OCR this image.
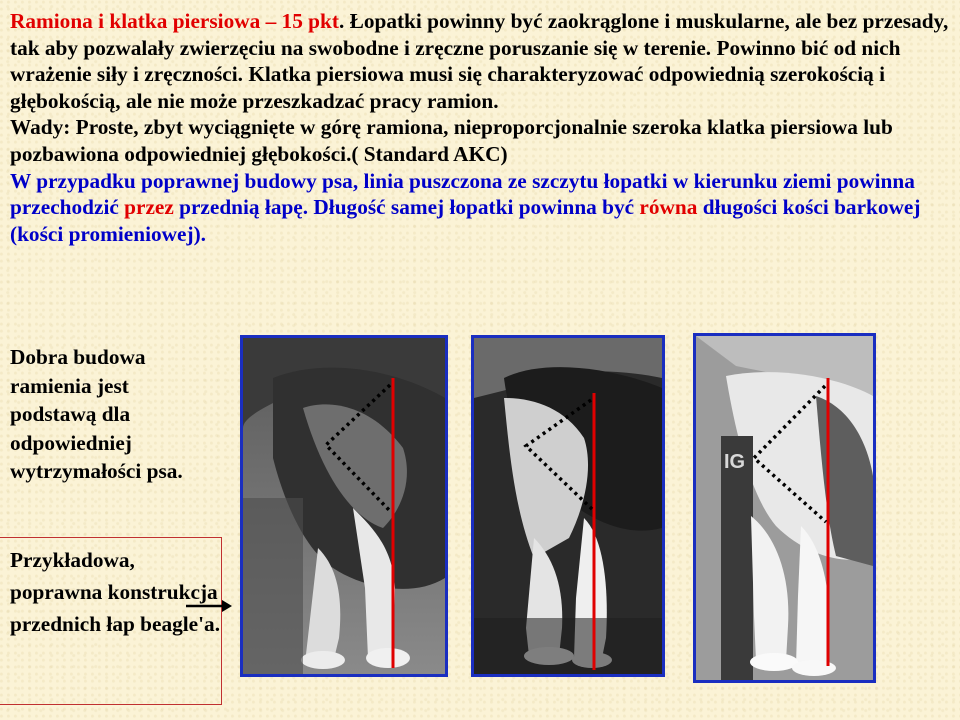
Ramiona i klatka piersiowa – 15 pkt. Łopatki powinny być zaokrąglone i muskularne, ale bez przesady, tak aby pozwalały zwierzęciu na swobodne i zręczne poruszanie się w terenie. Powinno bić od nich wrażenie siły i zręczności. Klatka piersiowa musi się charakteryzować odpowiednią szerokością i głębokością, ale nie może przeszkadzać pracy ramion.
Wady: Proste, zbyt wyciągnięte w górę ramiona, nieproporcjonalnie szeroka klatka piersiowa lub pozbawiona odpowiedniej głębokości.( Standard AKC)
W przypadku poprawnej budowy psa, linia puszczona ze szczytu łopatki w kierunku ziemi powinna przechodzić przez przednią łapę. Długość samej łopatki powinna być równa długości kości barkowej (kości promieniowej).

Dobra budowa ramienia jest podstawą dla odpowiedniej wytrzymałości psa.

Przykładowa, poprawna konstrukcja przednich łap beagle'a.
IG
